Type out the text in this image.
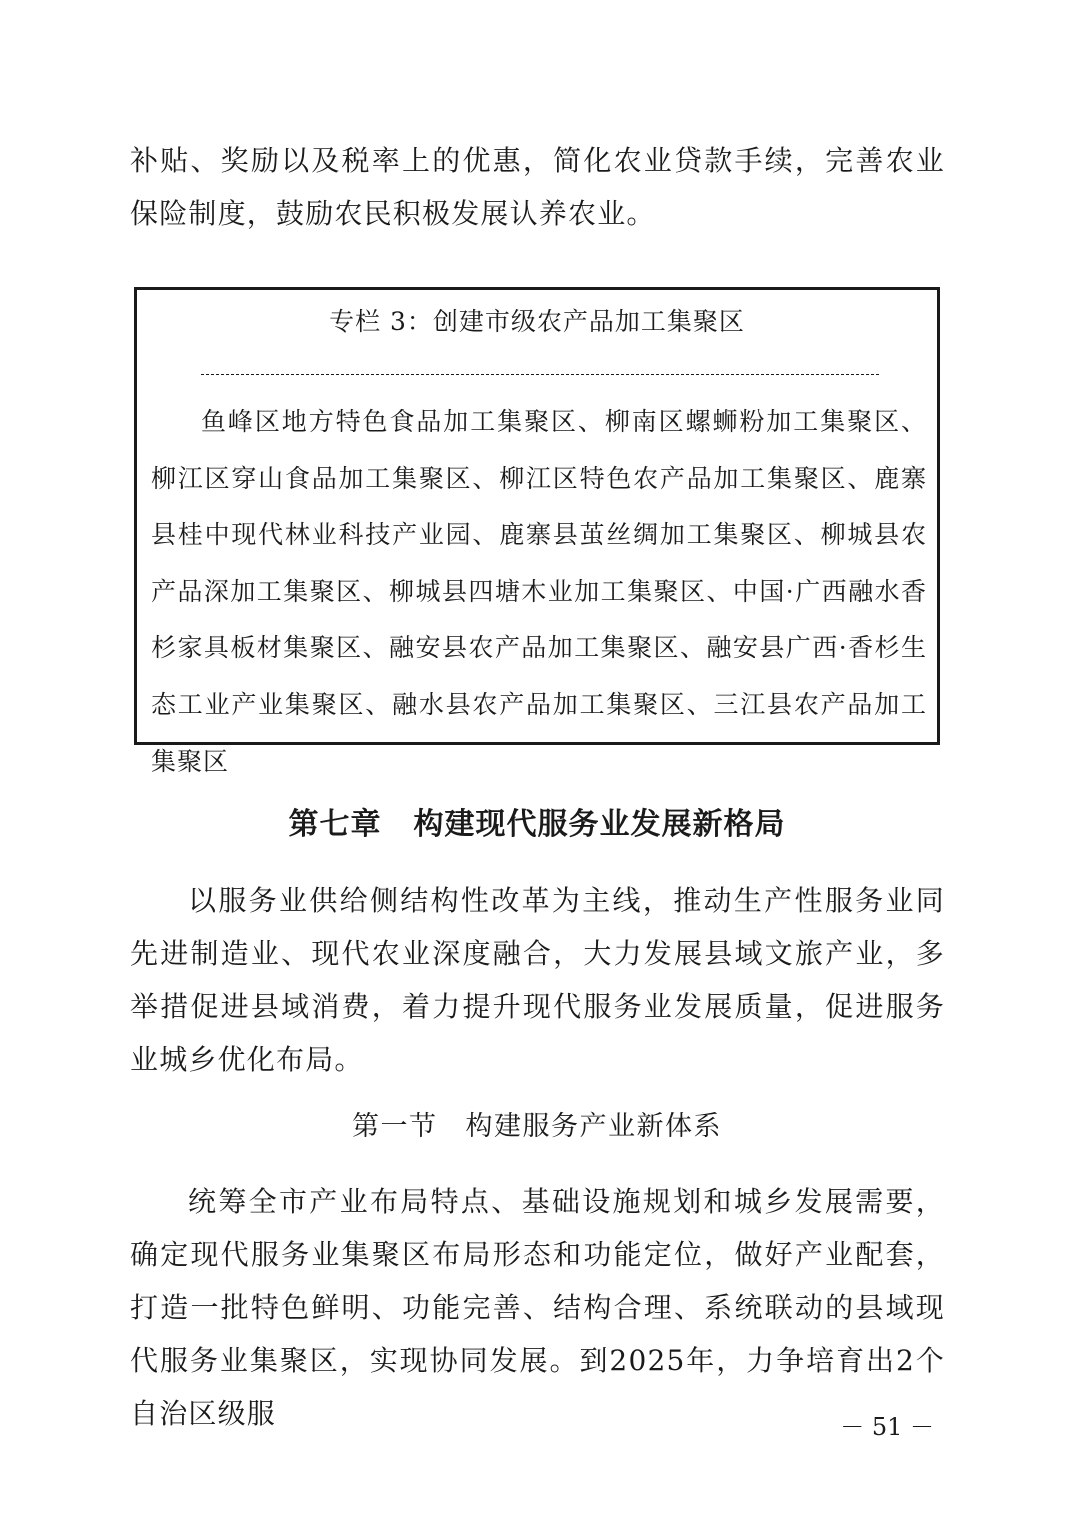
补贴、奖励以及税率上的优惠，简化农业贷款手续，完善农业保险制度，鼓励农民积极发展认养农业。

专栏 3：创建市级农产品加工集聚区

鱼峰区地方特色食品加工集聚区、柳南区螺蛳粉加工集聚区、柳江区穿山食品加工集聚区、柳江区特色农产品加工集聚区、鹿寨县桂中现代林业科技产业园、鹿寨县茧丝绸加工集聚区、柳城县农产品深加工集聚区、柳城县四塘木业加工集聚区、中国·广西融水香杉家具板材集聚区、融安县农产品加工集聚区、融安县广西·香杉生态工业产业集聚区、融水县农产品加工集聚区、三江县农产品加工集聚区

第七章 构建现代服务业发展新格局

以服务业供给侧结构性改革为主线，推动生产性服务业同先进制造业、现代农业深度融合，大力发展县域文旅产业，多举措促进县域消费，着力提升现代服务业发展质量，促进服务业城乡优化布局。

第一节 构建服务产业新体系

统筹全市产业布局特点、基础设施规划和城乡发展需要，确定现代服务业集聚区布局形态和功能定位，做好产业配套，打造一批特色鲜明、功能完善、结构合理、系统联动的县域现代服务业集聚区，实现协同发展。到2025年，力争培育出2个自治区级服	－ 51 －
